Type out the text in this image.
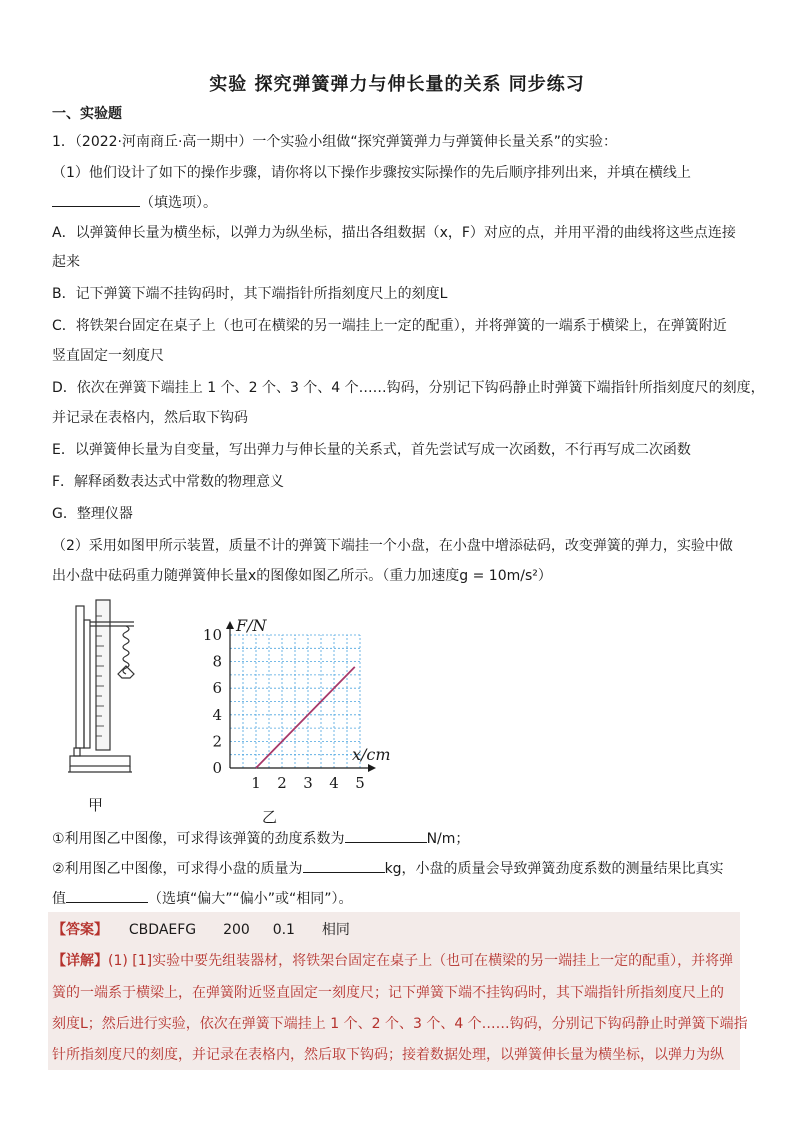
实验 探究弹簧弹力与伸长量的关系 同步练习
一、实验题
1．（2022·河南商丘·高一期中）一个实验小组做“探究弹簧弹力与弹簧伸长量关系”的实验：
（1）他们设计了如下的操作步骤，请你将以下操作步骤按实际操作的先后顺序排列出来，并填在横线上
（填选项）。
A．以弹簧伸长量为横坐标，以弹力为纵坐标，描出各组数据（x，F）对应的点，并用平滑的曲线将这些点连接
起来
B．记下弹簧下端不挂钩码时，其下端指针所指刻度尺上的刻度L
C．将铁架台固定在桌子上（也可在横梁的另一端挂上一定的配重），并将弹簧的一端系于横梁上，在弹簧附近
竖直固定一刻度尺
D．依次在弹簧下端挂上 1 个、2 个、3 个、4 个……钩码，分别记下钩码静止时弹簧下端指针所指刻度尺的刻度，
并记录在表格内，然后取下钩码
E．以弹簧伸长量为自变量，写出弹力与伸长量的关系式，首先尝试写成一次函数，不行再写成二次函数
F．解释函数表达式中常数的物理意义
G．整理仪器
（2）采用如图甲所示装置，质量不计的弹簧下端挂一个小盘，在小盘中增添砝码，改变弹簧的弹力，实验中做
出小盘中砝码重力随弹簧伸长量x的图像如图乙所示。（重力加速度g = 10m/s²）
甲
0
2
4
6
8
10
1 2 3 4 5
F/N
x/cm
乙
①利用图乙中图像，可求得该弹簧的劲度系数为	N/m；
②利用图乙中图像，可求得小盘的质量为	kg，小盘的质量会导致弹簧劲度系数的测量结果比真实
值	（选填“偏大”“偏小”或“相同”）。
【答案】 CBDAEFG 200 0.1 相同
【详解】(1) [1]实验中要先组装器材，将铁架台固定在桌子上（也可在横梁的另一端挂上一定的配重），并将弹
簧的一端系于横梁上，在弹簧附近竖直固定一刻度尺；记下弹簧下端不挂钩码时，其下端指针所指刻度尺上的
刻度L；然后进行实验，依次在弹簧下端挂上 1 个、2 个、3 个、4 个……钩码，分别记下钩码静止时弹簧下端指
针所指刻度尺的刻度，并记录在表格内，然后取下钩码；接着数据处理，以弹簧伸长量为横坐标，以弹力为纵
